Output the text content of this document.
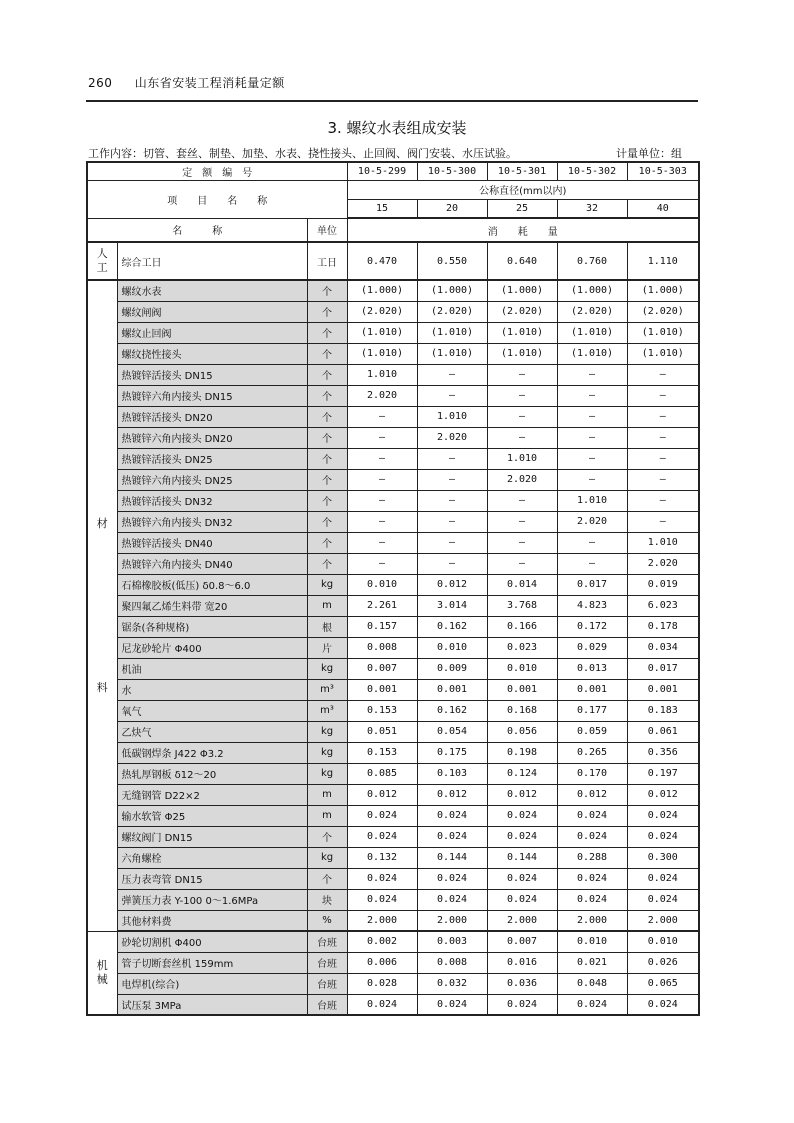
260 山东省安装工程消耗量定额
3. 螺纹水表组成安装
工作内容：切管、套丝、制垫、加垫、水表、挠性接头、止回阀、阀门安装、水压试验。	计量单位：组
定　额　编　号			10-5-299	10-5-300	10-5-301	10-5-302	10-5-303
项　　目　　名　　称			公称直径(mm以内)				
			15	20	25	32	40
名　　　称		单位	消　　耗　　量				

人
工	综合工日	工日	0.470	0.550	0.640	0.760	1.110

材
料	螺纹水表	个	(1.000)	(1.000)	(1.000)	(1.000)	(1.000)
	螺纹闸阀	个	(2.020)	(2.020)	(2.020)	(2.020)	(2.020)
	螺纹止回阀	个	(1.010)	(1.010)	(1.010)	(1.010)	(1.010)
	螺纹挠性接头	个	(1.010)	(1.010)	(1.010)	(1.010)	(1.010)
	热镀锌活接头 DN15	个	1.010	—	—	—	—
	热镀锌六角内接头 DN15	个	2.020	—	—	—	—
	热镀锌活接头 DN20	个	—	1.010	—	—	—
	热镀锌六角内接头 DN20	个	—	2.020	—	—	—
	热镀锌活接头 DN25	个	—	—	1.010	—	—
	热镀锌六角内接头 DN25	个	—	—	2.020	—	—
	热镀锌活接头 DN32	个	—	—	—	1.010	—
	热镀锌六角内接头 DN32	个	—	—	—	2.020	—
	热镀锌活接头 DN40	个	—	—	—	—	1.010
	热镀锌六角内接头 DN40	个	—	—	—	—	2.020
	石棉橡胶板(低压) δ0.8～6.0	kg	0.010	0.012	0.014	0.017	0.019
	聚四氟乙烯生料带 宽20	m	2.261	3.014	3.768	4.823	6.023
	锯条(各种规格)	根	0.157	0.162	0.166	0.172	0.178
	尼龙砂轮片 Φ400	片	0.008	0.010	0.023	0.029	0.034
	机油	kg	0.007	0.009	0.010	0.013	0.017
	水	m³	0.001	0.001	0.001	0.001	0.001
	氧气	m³	0.153	0.162	0.168	0.177	0.183
	乙炔气	kg	0.051	0.054	0.056	0.059	0.061
	低碳钢焊条 J422 Φ3.2	kg	0.153	0.175	0.198	0.265	0.356
	热轧厚钢板 δ12～20	kg	0.085	0.103	0.124	0.170	0.197
	无缝钢管 D22×2	m	0.012	0.012	0.012	0.012	0.012
	输水软管 Φ25	m	0.024	0.024	0.024	0.024	0.024
	螺纹阀门 DN15	个	0.024	0.024	0.024	0.024	0.024
	六角螺栓	kg	0.132	0.144	0.144	0.288	0.300
	压力表弯管 DN15	个	0.024	0.024	0.024	0.024	0.024
	弹簧压力表 Y-100 0～1.6MPa	块	0.024	0.024	0.024	0.024	0.024
	其他材料费	%	2.000	2.000	2.000	2.000	2.000

机
械	砂轮切割机 Φ400	台班	0.002	0.003	0.007	0.010	0.010
	管子切断套丝机 159mm	台班	0.006	0.008	0.016	0.021	0.026
	电焊机(综合)	台班	0.028	0.032	0.036	0.048	0.065
	试压泵 3MPa	台班	0.024	0.024	0.024	0.024	0.024
